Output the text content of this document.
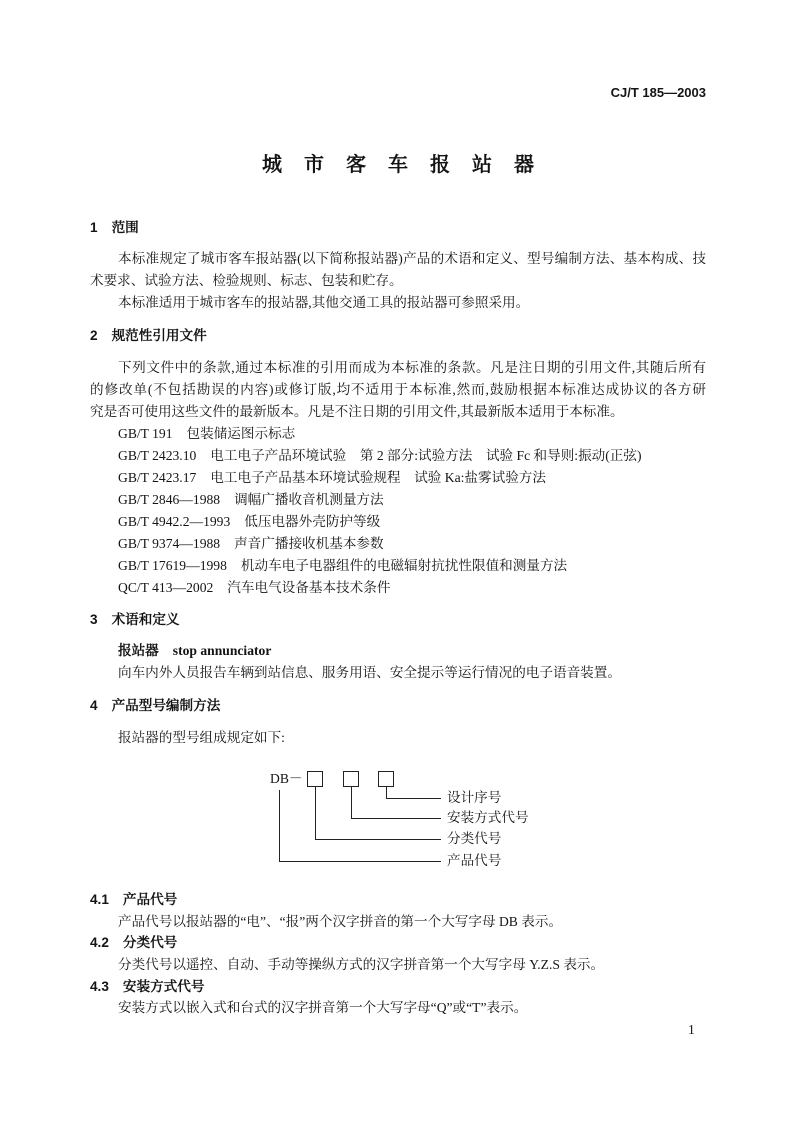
CJ/T 185—2003
城市客车报站器
1 范围
本标准规定了城市客车报站器(以下简称报站器)产品的术语和定义、型号编制方法、基本构成、技
术要求、试验方法、检验规则、标志、包装和贮存。
本标准适用于城市客车的报站器,其他交通工具的报站器可参照采用。
2 规范性引用文件
下列文件中的条款,通过本标准的引用而成为本标准的条款。凡是注日期的引用文件,其随后所有
的修改单(不包括勘误的内容)或修订版,均不适用于本标准,然而,鼓励根据本标准达成协议的各方研
究是否可使用这些文件的最新版本。凡是不注日期的引用文件,其最新版本适用于本标准。
GB/T 191 包装储运图示标志
GB/T 2423.10 电工电子产品环境试验　第 2 部分:试验方法　试验 Fc 和导则:振动(正弦)
GB/T 2423.17 电工电子产品基本环境试验规程　试验 Ka:盐雾试验方法
GB/T 2846—1988 调幅广播收音机测量方法
GB/T 4942.2—1993 低压电器外壳防护等级
GB/T 9374—1988 声音广播接收机基本参数
GB/T 17619—1998 机动车电子电器组件的电磁辐射抗扰性限值和测量方法
QC/T 413—2002 汽车电气设备基本技术条件
3 术语和定义
报站器 stop annunciator
向车内外人员报告车辆到站信息、服务用语、安全提示等运行情况的电子语音装置。
4 产品型号编制方法
报站器的型号组成规定如下:
DB－
设计序号
安装方式代号
分类代号
产品代号
4.1 产品代号
产品代号以报站器的“电”、“报”两个汉字拼音的第一个大写字母 DB 表示。
4.2 分类代号
分类代号以遥控、自动、手动等操纵方式的汉字拼音第一个大写字母 Y.Z.S 表示。
4.3 安装方式代号
安装方式以嵌入式和台式的汉字拼音第一个大写字母“Q”或“T”表示。
1
